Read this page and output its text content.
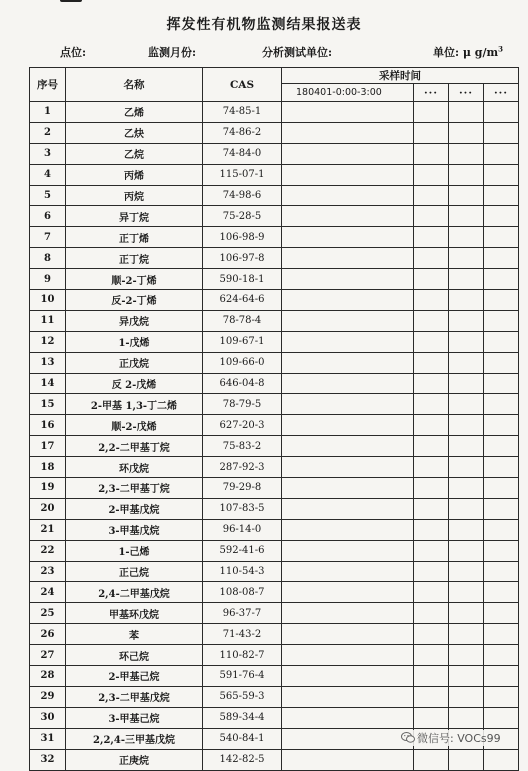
挥发性有机物监测结果报送表
点位:	监测月份:	分析测试单位:	单位: μ $g/m^3$
序号	名称	CAS	采样时间			
			180401-0:00-3:00	···	···	···
1	乙烯	74-85-1				
2	乙炔	74-86-2				
3	乙烷	74-84-0				
4	丙烯	115-07-1				
5	丙烷	74-98-6				
6	异丁烷	75-28-5				
7	正丁烯	106-98-9				
8	正丁烷	106-97-8				
9	顺-2-丁烯	590-18-1				
10	反-2-丁烯	624-64-6				
11	异戊烷	78-78-4				
12	1-戊烯	109-67-1				
13	正戊烷	109-66-0				
14	反 2-戊烯	646-04-8				
15	2-甲基 1,3-丁二烯	78-79-5				
16	顺-2-戊烯	627-20-3				
17	2,2-二甲基丁烷	75-83-2				
18	环戊烷	287-92-3				
19	2,3-二甲基丁烷	79-29-8				
20	2-甲基戊烷	107-83-5				
21	3-甲基戊烷	96-14-0				
22	1-己烯	592-41-6				
23	正己烷	110-54-3				
24	2,4-二甲基戊烷	108-08-7				
25	甲基环戊烷	96-37-7				
26	苯	71-43-2				
27	环己烷	110-82-7				
28	2-甲基己烷	591-76-4				
29	2,3-二甲基戊烷	565-59-3				
30	3-甲基己烷	589-34-4				
31	2,2,4-三甲基戊烷	540-84-1				
32	正庚烷	142-82-5				
微信号: VOCs99
